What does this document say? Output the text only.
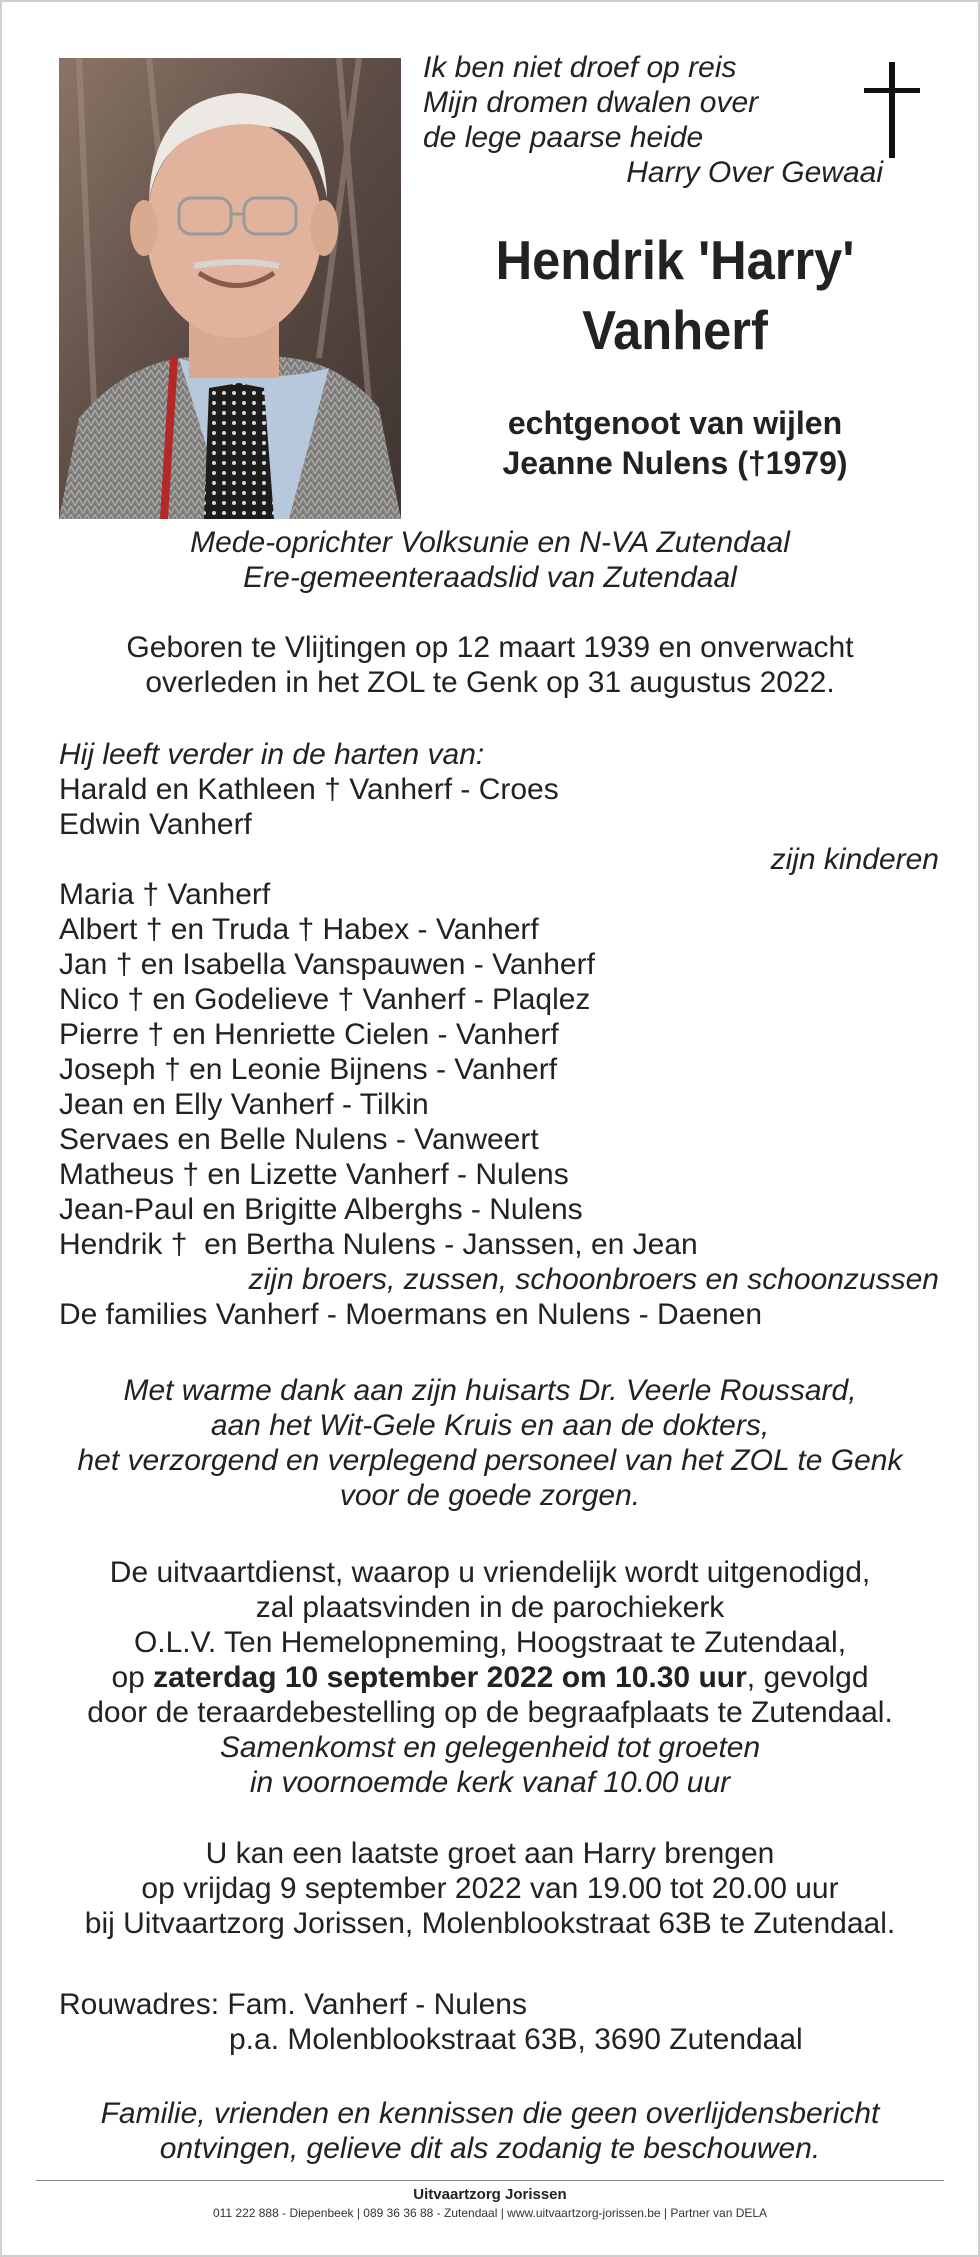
Ik ben niet droef op reis
Mijn dromen dwalen over
de lege paarse heide
Harry Over Gewaai
Hendrik 'Harry'
Vanherf
echtgenoot van wijlen
Jeanne Nulens (†1979)
Mede-oprichter Volksunie en N-VA Zutendaal
Ere-gemeenteraadslid van Zutendaal
Geboren te Vlijtingen op 12 maart 1939 en onverwacht
overleden in het ZOL te Genk op 31 augustus 2022.
Hij leeft verder in de harten van:
Harald en Kathleen † Vanherf - Croes
Edwin Vanherf
zijn kinderen
Maria † Vanherf
Albert † en Truda † Habex - Vanherf
Jan † en Isabella Vanspauwen - Vanherf
Nico † en Godelieve † Vanherf - Plaqlez
Pierre † en Henriette Cielen - Vanherf
Joseph † en Leonie Bijnens - Vanherf
Jean en Elly Vanherf - Tilkin
Servaes en Belle Nulens - Vanweert
Matheus † en Lizette Vanherf - Nulens
Jean-Paul en Brigitte Alberghs - Nulens
Hendrik †  en Bertha Nulens - Janssen, en Jean
zijn broers, zussen, schoonbroers en schoonzussen
De families Vanherf - Moermans en Nulens - Daenen
Met warme dank aan zijn huisarts Dr. Veerle Roussard,
aan het Wit-Gele Kruis en aan de dokters,
het verzorgend en verplegend personeel van het ZOL te Genk
voor de goede zorgen.
De uitvaartdienst, waarop u vriendelijk wordt uitgenodigd,
zal plaatsvinden in de parochiekerk
O.L.V. Ten Hemelopneming, Hoogstraat te Zutendaal,
op zaterdag 10 september 2022 om 10.30 uur, gevolgd
door de teraardebestelling op de begraafplaats te Zutendaal.
Samenkomst en gelegenheid tot groeten
in voornoemde kerk vanaf 10.00 uur
U kan een laatste groet aan Harry brengen
op vrijdag 9 september 2022 van 19.00 tot 20.00 uur
bij Uitvaartzorg Jorissen, Molenblookstraat 63B te Zutendaal.
Rouwadres: Fam. Vanherf - Nulens
p.a. Molenblookstraat 63B, 3690 Zutendaal
Familie, vrienden en kennissen die geen overlijdensbericht
ontvingen, gelieve dit als zodanig te beschouwen.
Uitvaartzorg Jorissen
011 222 888 - Diepenbeek | 089 36 36 88 - Zutendaal | www.uitvaartzorg-jorissen.be | Partner van DELA
